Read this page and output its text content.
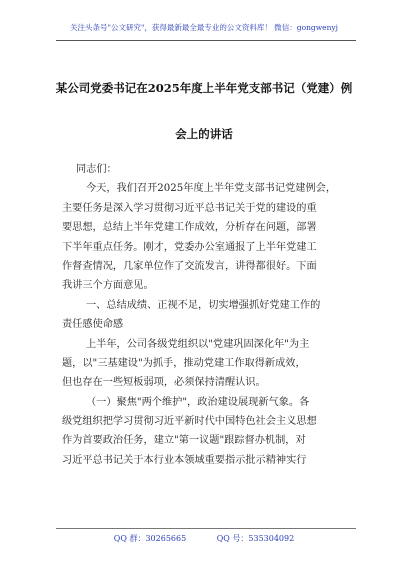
关注头条号"公文研究"，获得最新最全最专业的公文资料库！ 微信：gongwenyj
某公司党委书记在2025年度上半年党支部书记（党建）例
会上的讲话
同志们：
今天，我们召开2025年度上半年党支部书记党建例会，
主要任务是深入学习贯彻习近平总书记关于党的建设的重
要思想，总结上半年党建工作成效，分析存在问题，部署
下半年重点任务。刚才，党委办公室通报了上半年党建工
作督查情况，几家单位作了交流发言，讲得都很好。下面
我讲三个方面意见。
一、总结成绩、正视不足，切实增强抓好党建工作的
责任感使命感
上半年，公司各级党组织以"党建巩固深化年"为主
题，以"三基建设"为抓手，推动党建工作取得新成效，
但也存在一些短板弱项，必须保持清醒认识。
（一）聚焦"两个维护"，政治建设展现新气象。各
级党组织把学习贯彻习近平新时代中国特色社会主义思想
作为首要政治任务，建立"第一议题"跟踪督办机制，对
习近平总书记关于本行业本领域重要指示批示精神实行
QQ 群：30265665	QQ 号：535304092
